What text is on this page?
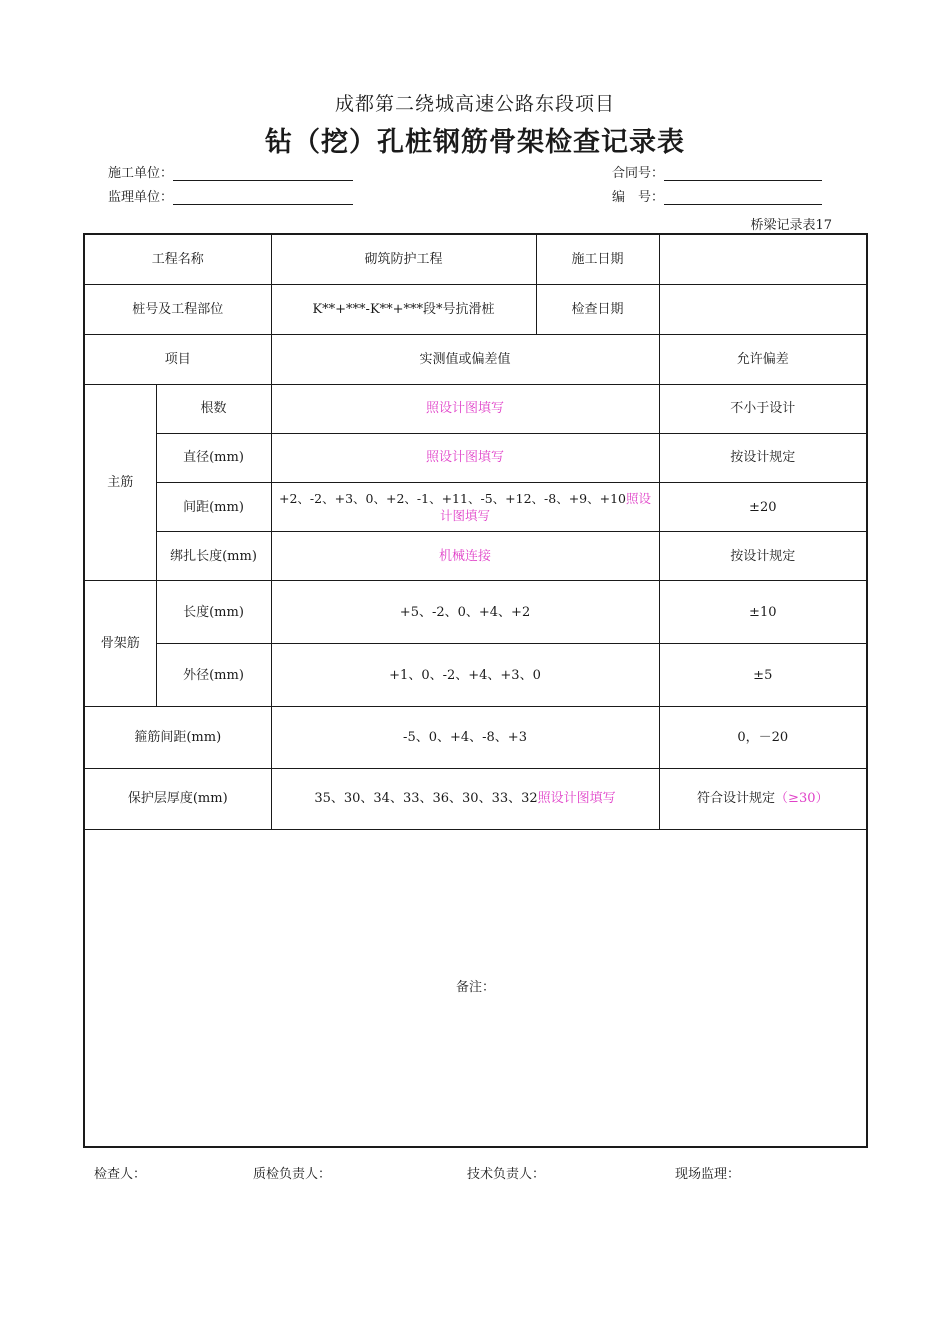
成都第二绕城高速公路东段项目
钻（挖）孔桩钢筋骨架检查记录表
施工单位：
监理单位：
合同号：
编　号：
桥梁记录表17
工程名称		砌筑防护工程	施工日期	
桩号及工程部位		K**+***-K**+***段*号抗滑桩	检查日期	
项目		实测值或偏差值		允许偏差
主筋	根数	照设计图填写		不小于设计
	直径(mm)	照设计图填写		按设计规定
	间距(mm)	+2、-2、+3、0、+2、-1、+11、-5、+12、-8、+9、+10照设计图填写		±20
	绑扎长度(mm)	机械连接		按设计规定
骨架筋	长度(mm)	+5、-2、0、+4、+2		±10
	外径(mm)	+1、0、-2、+4、+3、0		±5
箍筋间距(mm)		-5、0、+4、-8、+3		0，－20
保护层厚度(mm)		35、30、34、33、36、30、33、32照设计图填写		符合设计规定（≥30）
备注：				
检查人：	质检负责人：	技术负责人：	现场监理：
